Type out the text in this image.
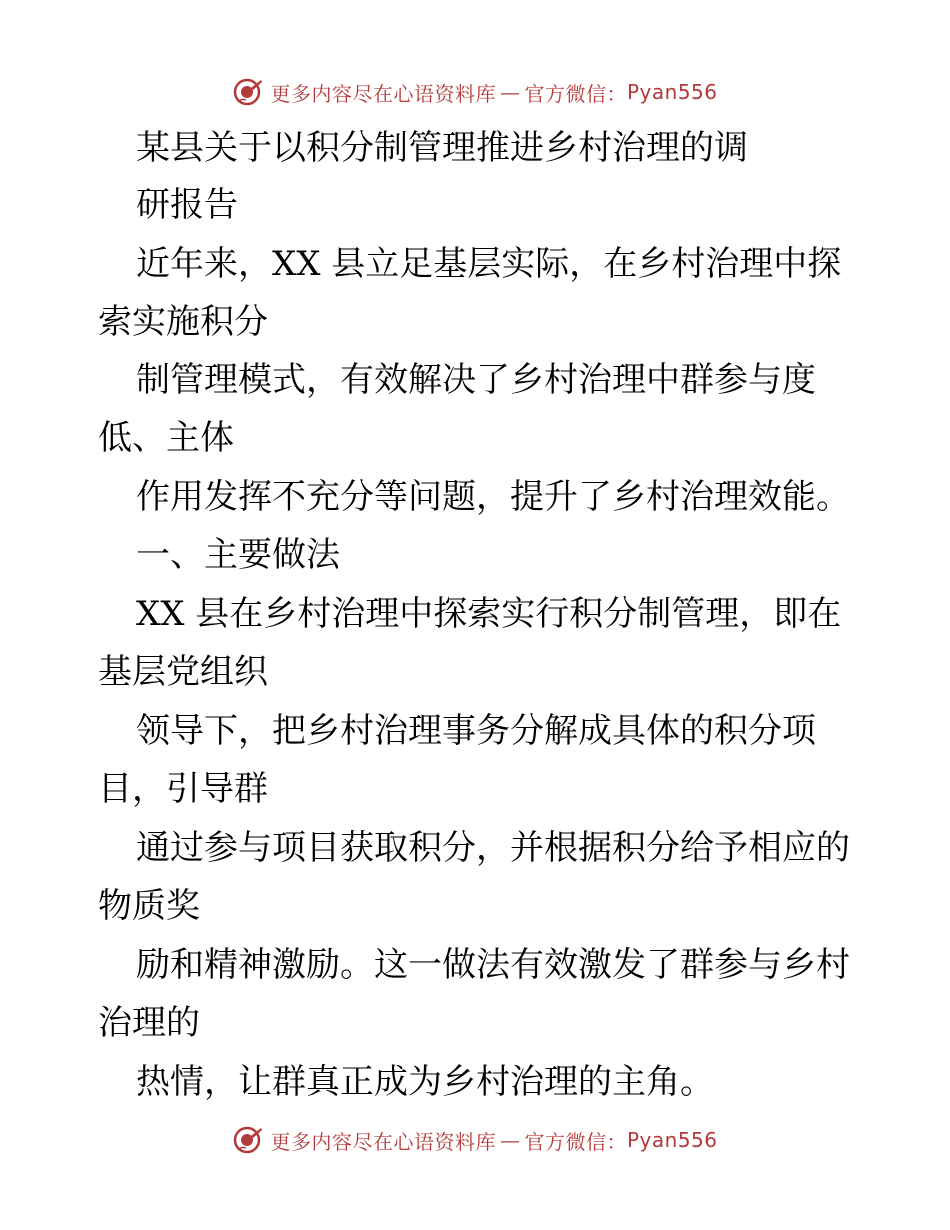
更多内容尽在心语资料库 — 官方微信： Pyan556
某县关于以积分制管理推进乡村治理的调
研报告
近年来，XX 县立足基层实际，在乡村治理中探
索实施积分
制管理模式，有效解决了乡村治理中群参与度
低、主体
作用发挥不充分等问题，提升了乡村治理效能。
一、主要做法
XX 县在乡村治理中探索实行积分制管理，即在
基层党组织
领导下，把乡村治理事务分解成具体的积分项
目，引导群
通过参与项目获取积分，并根据积分给予相应的
物质奖
励和精神激励。这一做法有效激发了群参与乡村
治理的
热情，让群真正成为乡村治理的主角。
更多内容尽在心语资料库 — 官方微信： Pyan556
